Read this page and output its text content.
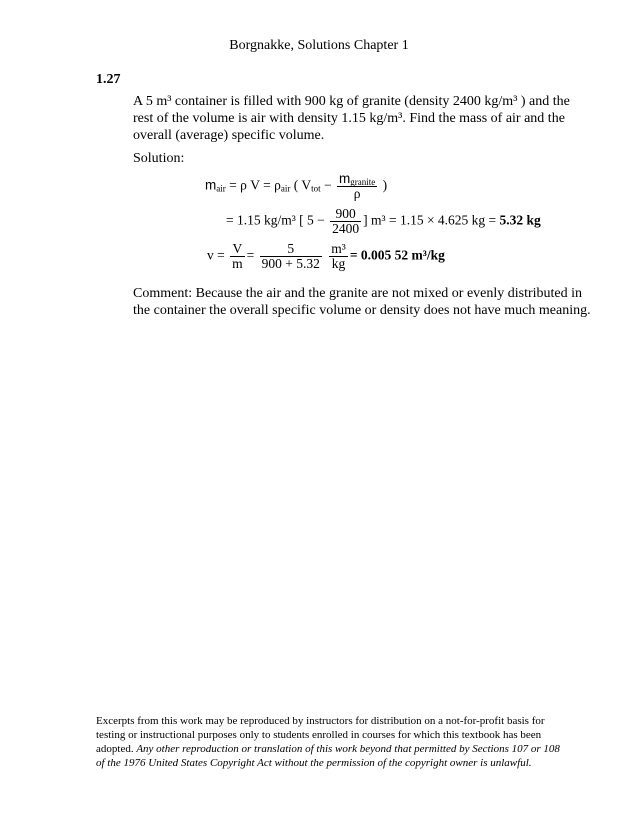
Borgnakke, Solutions Chapter 1
1.27
A 5 m³ container is filled with 900 kg of granite (density 2400 kg/m³ ) and the
rest of the volume is air with density 1.15 kg/m³. Find the mass of air and the
overall (average) specific volume.
Solution:
$m_{air} = \rho$ $V = \rho_{air}$ ( $V_{tot} - \frac{m_{granite}}{\rho}$ )
= 1.15 kg/m³ [ $5 - \frac{900}{2400}$ ] m³ = 1.15 × 4.625 kg = 5.32 kg
$v = \frac{V}{m} = \frac{5}{900 + 5.32}$
$\frac{\text{m³}}{kg} = 0.005$ 52 m³/kg
Comment: Because the air and the granite are not mixed or evenly distributed in
the container the overall specific volume or density does not have much meaning.
Excerpts from this work may be reproduced by instructors for distribution on a not-for-profit basis for
testing or instructional purposes only to students enrolled in courses for which this textbook has been
adopted. Any other reproduction or translation of this work beyond that permitted by Sections 107 or 108
of the 1976 United States Copyright Act without the permission of the copyright owner is unlawful.
